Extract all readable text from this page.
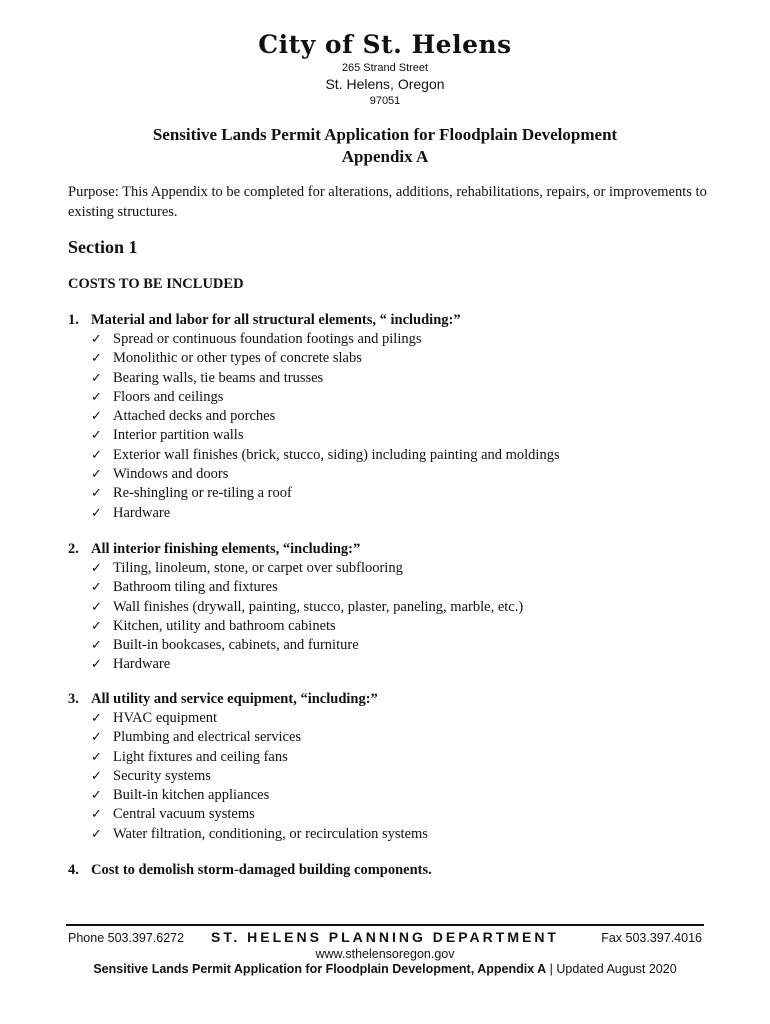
City of St. Helens
265 Strand Street
St. Helens, Oregon
97051
Sensitive Lands Permit Application for Floodplain Development
Appendix A
Purpose: This Appendix to be completed for alterations, additions, rehabilitations, repairs, or improvements to existing structures.
Section 1
COSTS TO BE INCLUDED
1. Material and labor for all structural elements, “ including:”
✓ Spread or continuous foundation footings and pilings
✓ Monolithic or other types of concrete slabs
✓ Bearing walls, tie beams and trusses
✓ Floors and ceilings
✓ Attached decks and porches
✓ Interior partition walls
✓ Exterior wall finishes (brick, stucco, siding) including painting and moldings
✓ Windows and doors
✓ Re-shingling or re-tiling a roof
✓ Hardware
2. All interior finishing elements, “including:”
✓ Tiling, linoleum, stone, or carpet over subflooring
✓ Bathroom tiling and fixtures
✓ Wall finishes (drywall, painting, stucco, plaster, paneling, marble, etc.)
✓ Kitchen, utility and bathroom cabinets
✓ Built-in bookcases, cabinets, and furniture
✓ Hardware
3. All utility and service equipment, “including:”
✓ HVAC equipment
✓ Plumbing and electrical services
✓ Light fixtures and ceiling fans
✓ Security systems
✓ Built-in kitchen appliances
✓ Central vacuum systems
✓ Water filtration, conditioning, or recirculation systems
4. Cost to demolish storm-damaged building components.
Phone 503.397.6272	ST. HELENS PLANNING DEPARTMENT	Fax 503.397.4016
www.sthelensoregon.gov
Sensitive Lands Permit Application for Floodplain Development, Appendix A | Updated August 2020
